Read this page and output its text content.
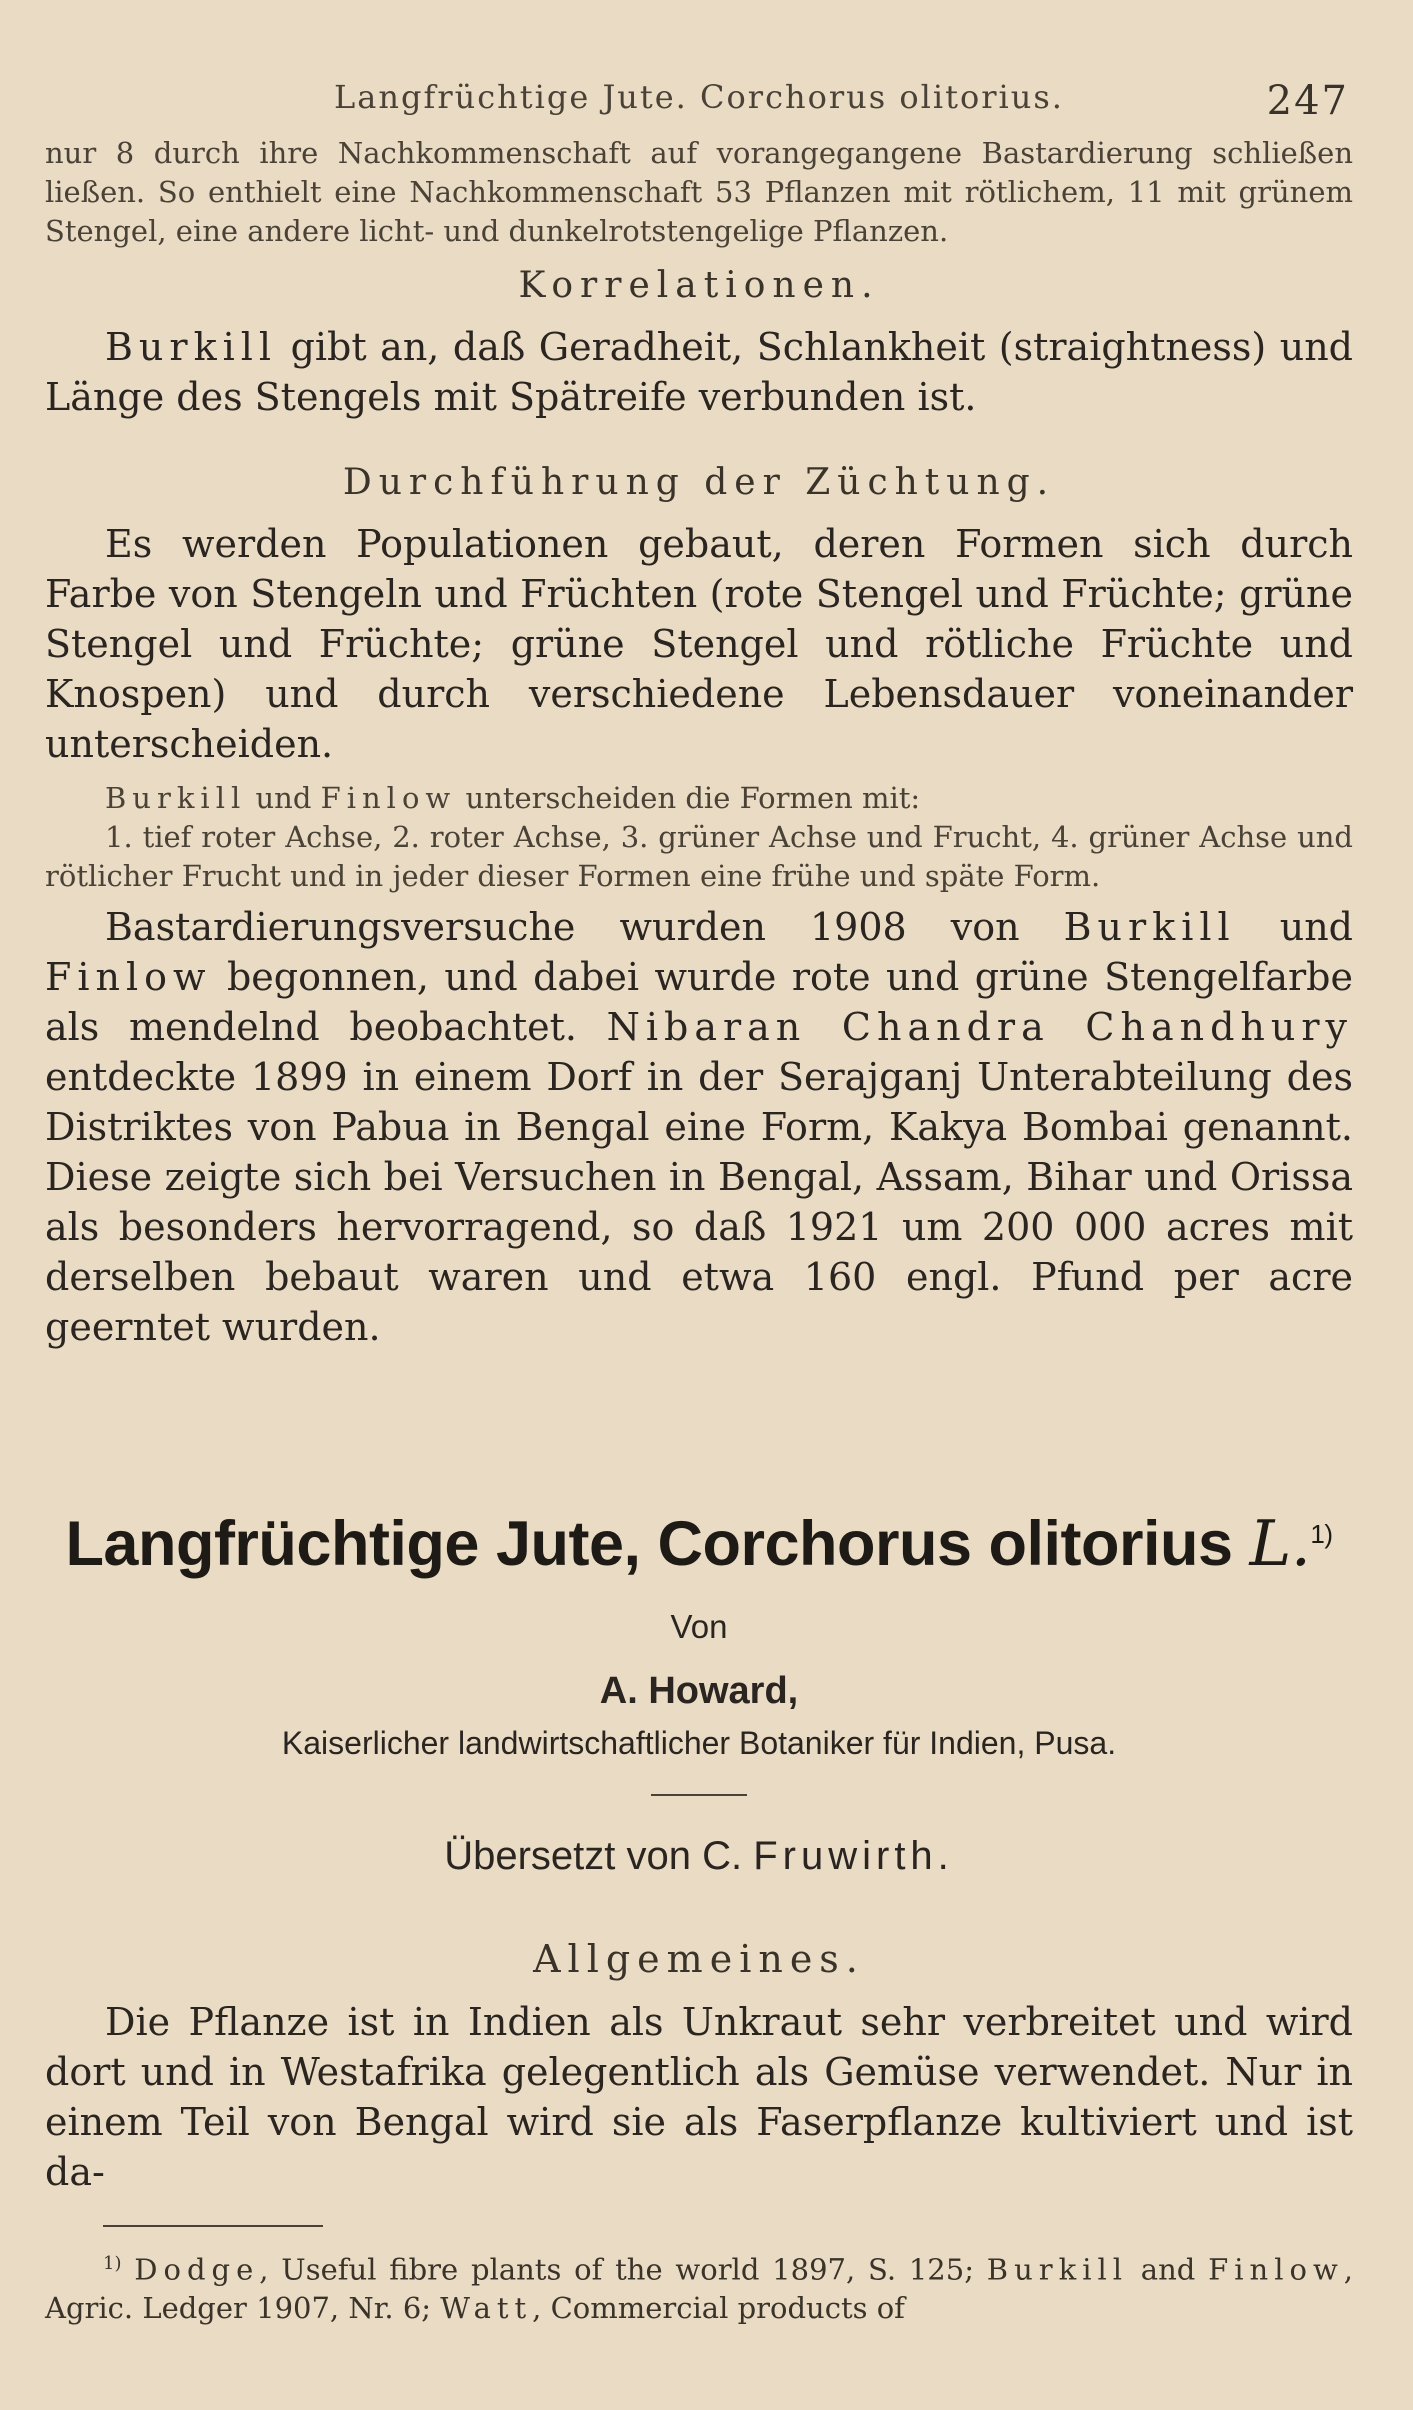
Langfrüchtige Jute. Corchorus olitorius.	247

nur 8 durch ihre Nachkommenschaft auf vorangegangene Bastardierung schließen ließen. So enthielt eine Nachkommenschaft 53 Pflanzen mit rötlichem, 11 mit grünem Stengel, eine andere licht- und dunkelrotstengelige Pflanzen.

Korrelationen.

Burkill gibt an, daß Geradheit, Schlankheit (straightness) und Länge des Stengels mit Spätreife verbunden ist.

Durchführung der Züchtung.

Es werden Populationen gebaut, deren Formen sich durch Farbe von Stengeln und Früchten (rote Stengel und Früchte; grüne Stengel und Früchte; grüne Stengel und rötliche Früchte und Knospen) und durch verschiedene Lebensdauer voneinander unterscheiden.

Burkill und Finlow unterscheiden die Formen mit:

1. tief roter Achse, 2. roter Achse, 3. grüner Achse und Frucht, 4. grüner Achse und rötlicher Frucht und in jeder dieser Formen eine frühe und späte Form.

Bastardierungsversuche wurden 1908 von Burkill und Finlow begonnen, und dabei wurde rote und grüne Stengelfarbe als mendelnd beobachtet. Nibaran Chandra Chandhury entdeckte 1899 in einem Dorf in der Serajganj Unterabteilung des Distriktes von Pabua in Bengal eine Form, Kakya Bombai genannt. Diese zeigte sich bei Versuchen in Bengal, Assam, Bihar und Orissa als besonders hervorragend, so daß 1921 um 200 000 acres mit derselben bebaut waren und etwa 160 engl. Pfund per acre geerntet wurden.

Langfrüchtige Jute, Corchorus olitorius L.$^{1)}$
Von
A. Howard,
Kaiserlicher landwirtschaftlicher Botaniker für Indien, Pusa.
Übersetzt von C. Fruwirth.
Allgemeines.

Die Pflanze ist in Indien als Unkraut sehr verbreitet und wird dort und in Westafrika gelegentlich als Gemüse verwendet. Nur in einem Teil von Bengal wird sie als Faserpflanze kultiviert und ist da-

$^{1)}$ Dodge, Useful fibre plants of the world 1897, S. 125; Burkill and Finlow, Agric. Ledger 1907, Nr. 6; Watt, Commercial products of
